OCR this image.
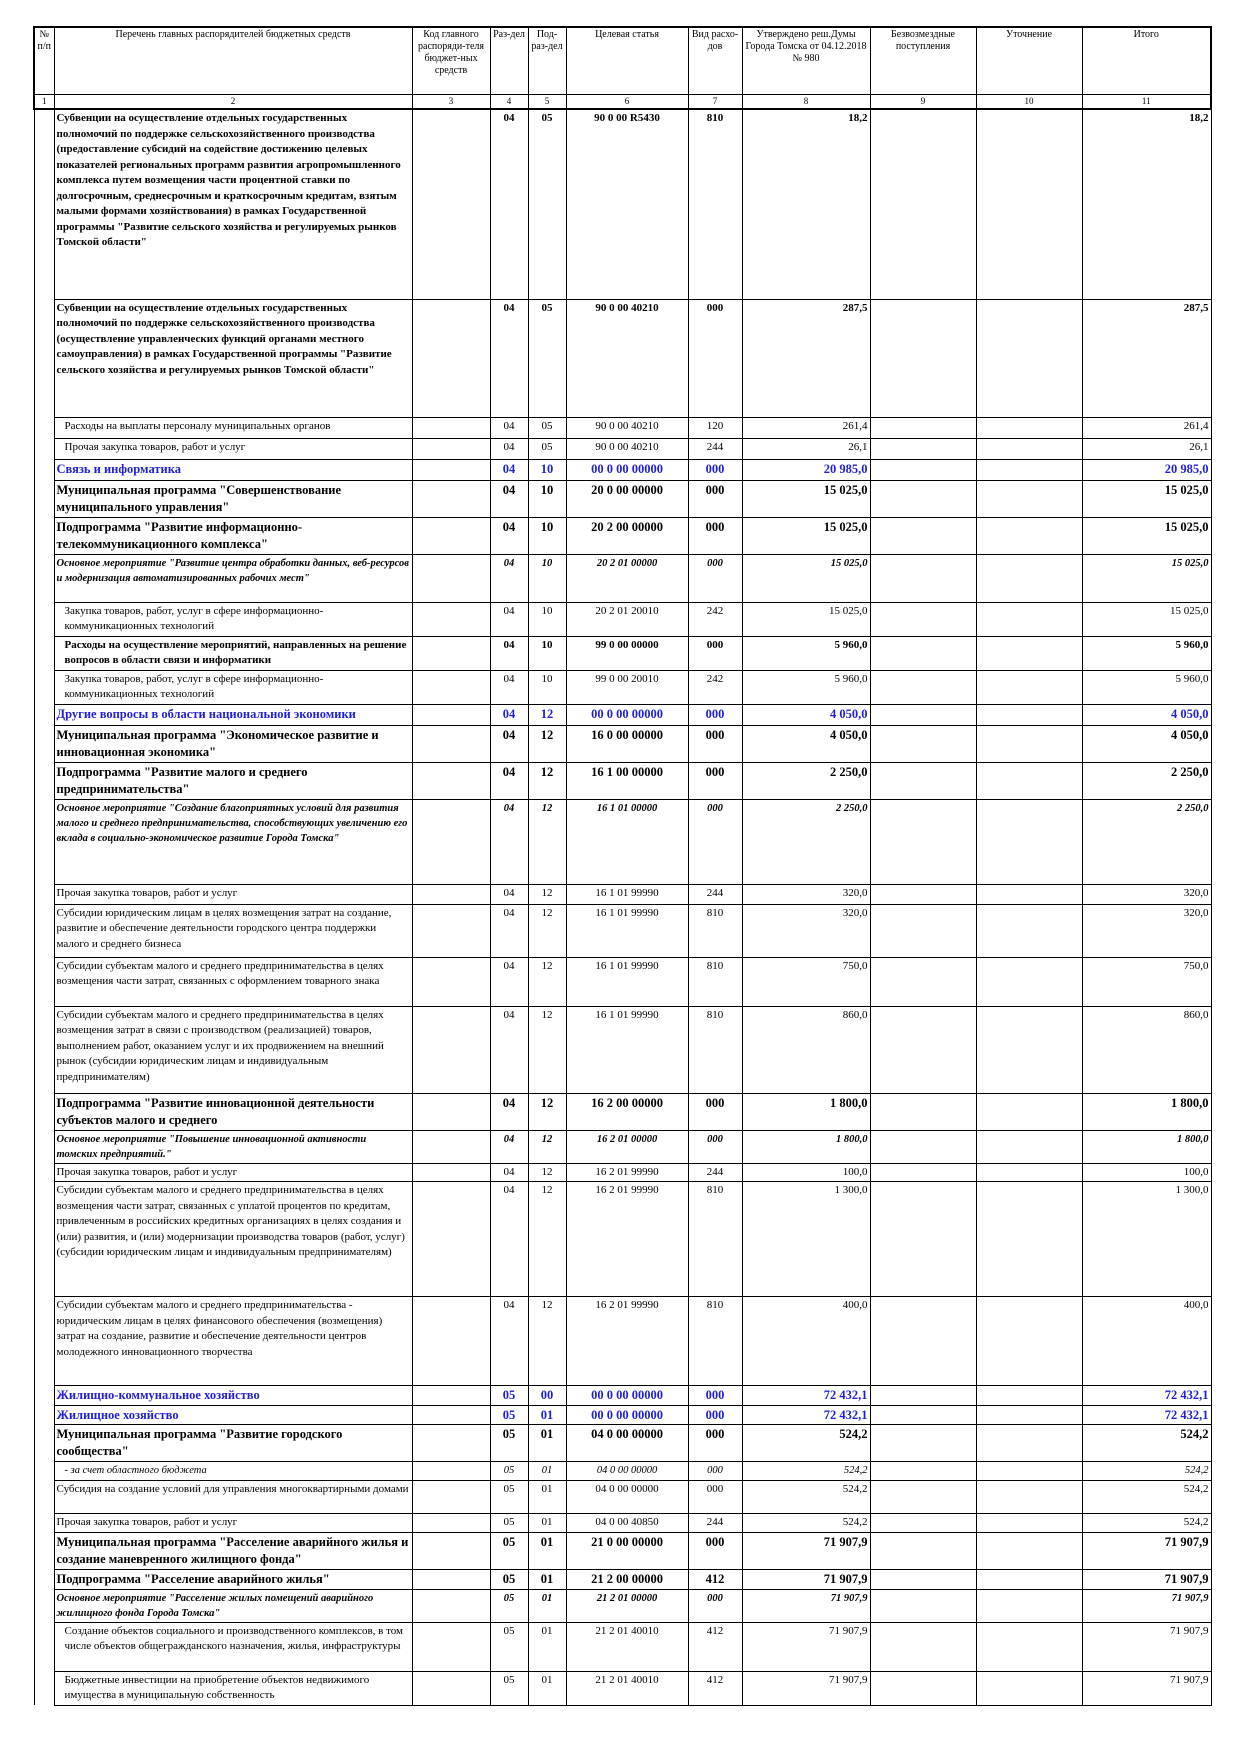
№ п/п	Перечень главных распорядителей бюджетных средств	Код главного распоряди-теля бюджет-ных средств	Раз-дел	Под-раз-дел	Целевая статья	Вид расхо-дов	Утверждено реш.Думы Города Томска от 04.12.2018 № 980	Безвозмездные поступления	Уточнение	Итого
1	2	3	4	5	6	7	8	9	10	11
	Субвенции на осуществление отдельных государственных полномочий по поддержке сельскохозяйственного производства (предоставление субсидий на содействие достижению целевых показателей региональных программ развития агропромышленного комплекса путем возмещения части процентной ставки по долгосрочным, среднесрочным и краткосрочным кредитам, взятым малыми формами хозяйствования) в рамках Государственной программы "Развитие сельского хозяйства и регулируемых рынков Томской области"		04	05	90 0 00 R5430	810	18,2			18,2
	Субвенции на осуществление отдельных государственных полномочий по поддержке сельскохозяйственного производства (осуществление управленческих функций органами местного самоуправления) в рамках Государственной программы "Развитие сельского хозяйства и регулируемых рынков Томской области"		04	05	90 0 00 40210	000	287,5			287,5
	Расходы на выплаты персоналу муниципальных органов		04	05	90 0 00 40210	120	261,4			261,4
	Прочая закупка товаров, работ и услуг		04	05	90 0 00 40210	244	26,1			26,1
	Связь и информатика		04	10	00 0 00 00000	000	20 985,0			20 985,0
	Муниципальная программа "Совершенствование муниципального управления"		04	10	20 0 00 00000	000	15 025,0			15 025,0
	Подпрограмма "Развитие информационно-телекоммуникационного комплекса"		04	10	20 2 00 00000	000	15 025,0			15 025,0
	Основное мероприятие "Развитие центра обработки данных, веб-ресурсов и модернизация автоматизированных рабочих мест"		04	10	20 2 01 00000	000	15 025,0			15 025,0
	Закупка товаров, работ, услуг в сфере информационно-коммуникационных технологий		04	10	20 2 01 20010	242	15 025,0			15 025,0
	Расходы на осуществление мероприятий, направленных на решение вопросов в области связи и информатики		04	10	99 0 00 00000	000	5 960,0			5 960,0
	Закупка товаров, работ, услуг в сфере информационно-коммуникационных технологий		04	10	99 0 00 20010	242	5 960,0			5 960,0
	Другие вопросы в области национальной экономики		04	12	00 0 00 00000	000	4 050,0			4 050,0
	Муниципальная программа "Экономическое развитие и инновационная экономика"		04	12	16 0 00 00000	000	4 050,0			4 050,0
	Подпрограмма "Развитие малого и среднего предпринимательства"		04	12	16 1 00 00000	000	2 250,0			2 250,0
	Основное мероприятие "Создание благоприятных условий для развития малого и среднего предпринимательства, способствующих увеличению его вклада в социально-экономическое развитие Города Томска"		04	12	16 1 01 00000	000	2 250,0			2 250,0
	Прочая закупка товаров, работ и услуг		04	12	16 1 01 99990	244	320,0			320,0
	Субсидии юридическим лицам в целях возмещения затрат на создание, развитие и обеспечение деятельности городского центра поддержки малого и среднего бизнеса		04	12	16 1 01 99990	810	320,0			320,0
	Субсидии субъектам малого и среднего предпринимательства в целях возмещения части затрат, связанных с оформлением товарного знака		04	12	16 1 01 99990	810	750,0			750,0
	Субсидии субъектам малого и среднего предпринимательства в целях возмещения затрат в связи с производством (реализацией) товаров, выполнением работ, оказанием услуг и их продвижением на внешний рынок (субсидии юридическим лицам и индивидуальным предпринимателям)		04	12	16 1 01 99990	810	860,0			860,0
	Подпрограмма "Развитие инновационной деятельности субъектов малого и среднего		04	12	16 2 00 00000	000	1 800,0			1 800,0
	Основное мероприятие "Повышение инновационной активности томских предприятий."		04	12	16 2 01 00000	000	1 800,0			1 800,0
	Прочая закупка товаров, работ и услуг		04	12	16 2 01 99990	244	100,0			100,0
	Субсидии субъектам малого и среднего предпринимательства в целях возмещения части затрат, связанных с уплатой процентов по кредитам, привлеченным в российских кредитных организациях в целях создания и (или) развития, и (или) модернизации производства товаров (работ, услуг) (субсидии юридическим лицам и индивидуальным предпринимателям)		04	12	16 2 01 99990	810	1 300,0			1 300,0
	Субсидии субъектам малого и среднего предпринимательства - юридическим лицам в целях финансового обеспечения (возмещения) затрат на создание, развитие и обеспечение деятельности центров молодежного инновационного творчества		04	12	16 2 01 99990	810	400,0			400,0
	Жилищно-коммунальное хозяйство		05	00	00 0 00 00000	000	72 432,1			72 432,1
	Жилищное хозяйство		05	01	00 0 00 00000	000	72 432,1			72 432,1
	Муниципальная программа "Развитие городского сообщества"		05	01	04 0 00 00000	000	524,2			524,2
	- за счет областного бюджета		05	01	04 0 00 00000	000	524,2			524,2
	Субсидия на создание условий для управления многоквартирными домами		05	01	04 0 00 00000	000	524,2			524,2
	Прочая закупка товаров, работ и услуг		05	01	04 0 00 40850	244	524,2			524,2
	Муниципальная программа "Расселение аварийного жилья и создание маневренного жилищного фонда"		05	01	21 0 00 00000	000	71 907,9			71 907,9
	Подпрограмма "Расселение аварийного жилья"		05	01	21 2 00 00000	412	71 907,9			71 907,9
	Основное мероприятие "Расселение жилых помещений аварийного жилищного фонда Города Томска"		05	01	21 2 01 00000	000	71 907,9			71 907,9
	Создание объектов социального и производственного комплексов, в том числе объектов общегражданского назначения, жилья, инфраструктуры		05	01	21 2 01 40010	412	71 907,9			71 907,9
	Бюджетные инвестиции на приобретение объектов недвижимого имущества в муниципальную собственность		05	01	21 2 01 40010	412	71 907,9			71 907,9
